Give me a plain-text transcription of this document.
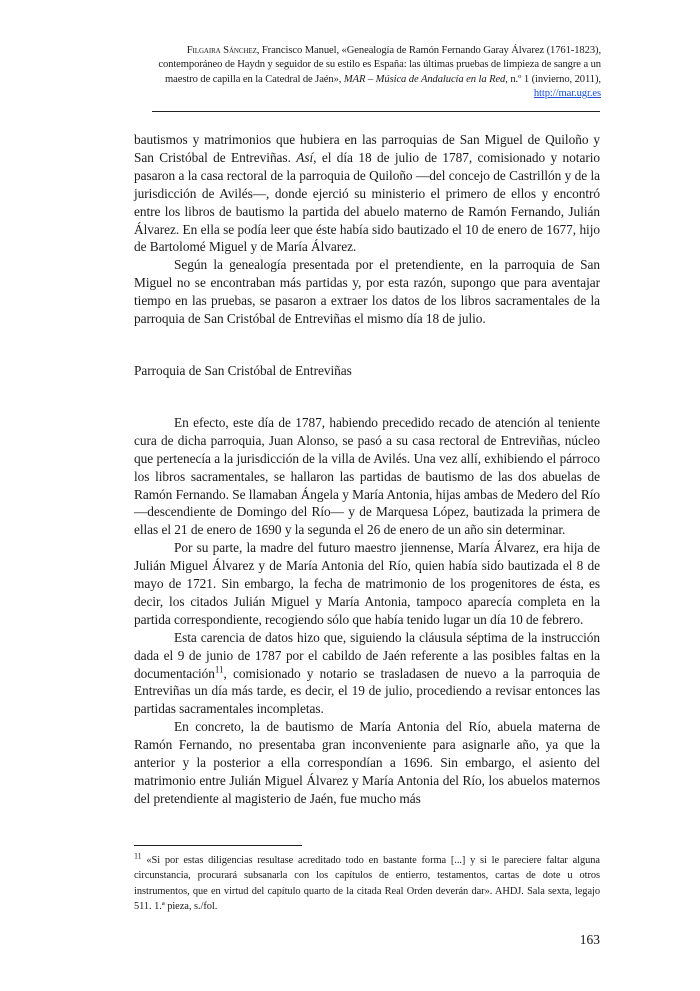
Filgaira Sánchez, Francisco Manuel, «Genealogía de Ramón Fernando Garay Álvarez (1761-1823), contemporáneo de Haydn y seguidor de su estilo es España: las últimas pruebas de limpieza de sangre a un maestro de capilla en la Catedral de Jaén», MAR – Música de Andalucía en la Red, n.º 1 (invierno, 2011), http://mar.ugr.es

bautismos y matrimonios que hubiera en las parroquias de San Miguel de Quiloño y San Cristóbal de Entreviñas. Así, el día 18 de julio de 1787, comisionado y notario pasaron a la casa rectoral de la parroquia de Quiloño —del concejo de Castrillón y de la jurisdicción de Avilés—, donde ejerció su ministerio el primero de ellos y encontró entre los libros de bautismo la partida del abuelo materno de Ramón Fernando, Julián Álvarez. En ella se podía leer que éste había sido bautizado el 10 de enero de 1677, hijo de Bartolomé Miguel y de María Álvarez.

Según la genealogía presentada por el pretendiente, en la parroquia de San Miguel no se encontraban más partidas y, por esta razón, supongo que para aventajar tiempo en las pruebas, se pasaron a extraer los datos de los libros sacramentales de la parroquia de San Cristóbal de Entreviñas el mismo día 18 de julio.

Parroquia de San Cristóbal de Entreviñas

En efecto, este día de 1787, habiendo precedido recado de atención al teniente cura de dicha parroquia, Juan Alonso, se pasó a su casa rectoral de Entreviñas, núcleo que pertenecía a la jurisdicción de la villa de Avilés. Una vez allí, exhibiendo el párroco los libros sacramentales, se hallaron las partidas de bautismo de las dos abuelas de Ramón Fernando. Se llamaban Ángela y María Antonia, hijas ambas de Medero del Río —descendiente de Domingo del Río— y de Marquesa López, bautizada la primera de ellas el 21 de enero de 1690 y la segunda el 26 de enero de un año sin determinar.

Por su parte, la madre del futuro maestro jiennense, María Álvarez, era hija de Julián Miguel Álvarez y de María Antonia del Río, quien había sido bautizada el 8 de mayo de 1721. Sin embargo, la fecha de matrimonio de los progenitores de ésta, es decir, los citados Julián Miguel y María Antonia, tampoco aparecía completa en la partida correspondiente, recogiendo sólo que había tenido lugar un día 10 de febrero.

Esta carencia de datos hizo que, siguiendo la cláusula séptima de la instrucción dada el 9 de junio de 1787 por el cabildo de Jaén referente a las posibles faltas en la documentación$^{11}$, comisionado y notario se trasladasen de nuevo a la parroquia de Entreviñas un día más tarde, es decir, el 19 de julio, procediendo a revisar entonces las partidas sacramentales incompletas.

En concreto, la de bautismo de María Antonia del Río, abuela materna de Ramón Fernando, no presentaba gran inconveniente para asignarle año, ya que la anterior y la posterior a ella correspondían a 1696. Sin embargo, el asiento del matrimonio entre Julián Miguel Álvarez y María Antonia del Río, los abuelos maternos del pretendiente al magisterio de Jaén, fue mucho más

$^{11}$ «Si por estas diligencias resultase acreditado todo en bastante forma [...] y si le pareciere faltar alguna circunstancia, procurará subsanarla con los capítulos de entierro, testamentos, cartas de dote u otros instrumentos, que en virtud del capítulo quarto de la citada Real Orden deverán dar». AHDJ. Sala sexta, legajo 511. 1.ª pieza, s./fol.
163
